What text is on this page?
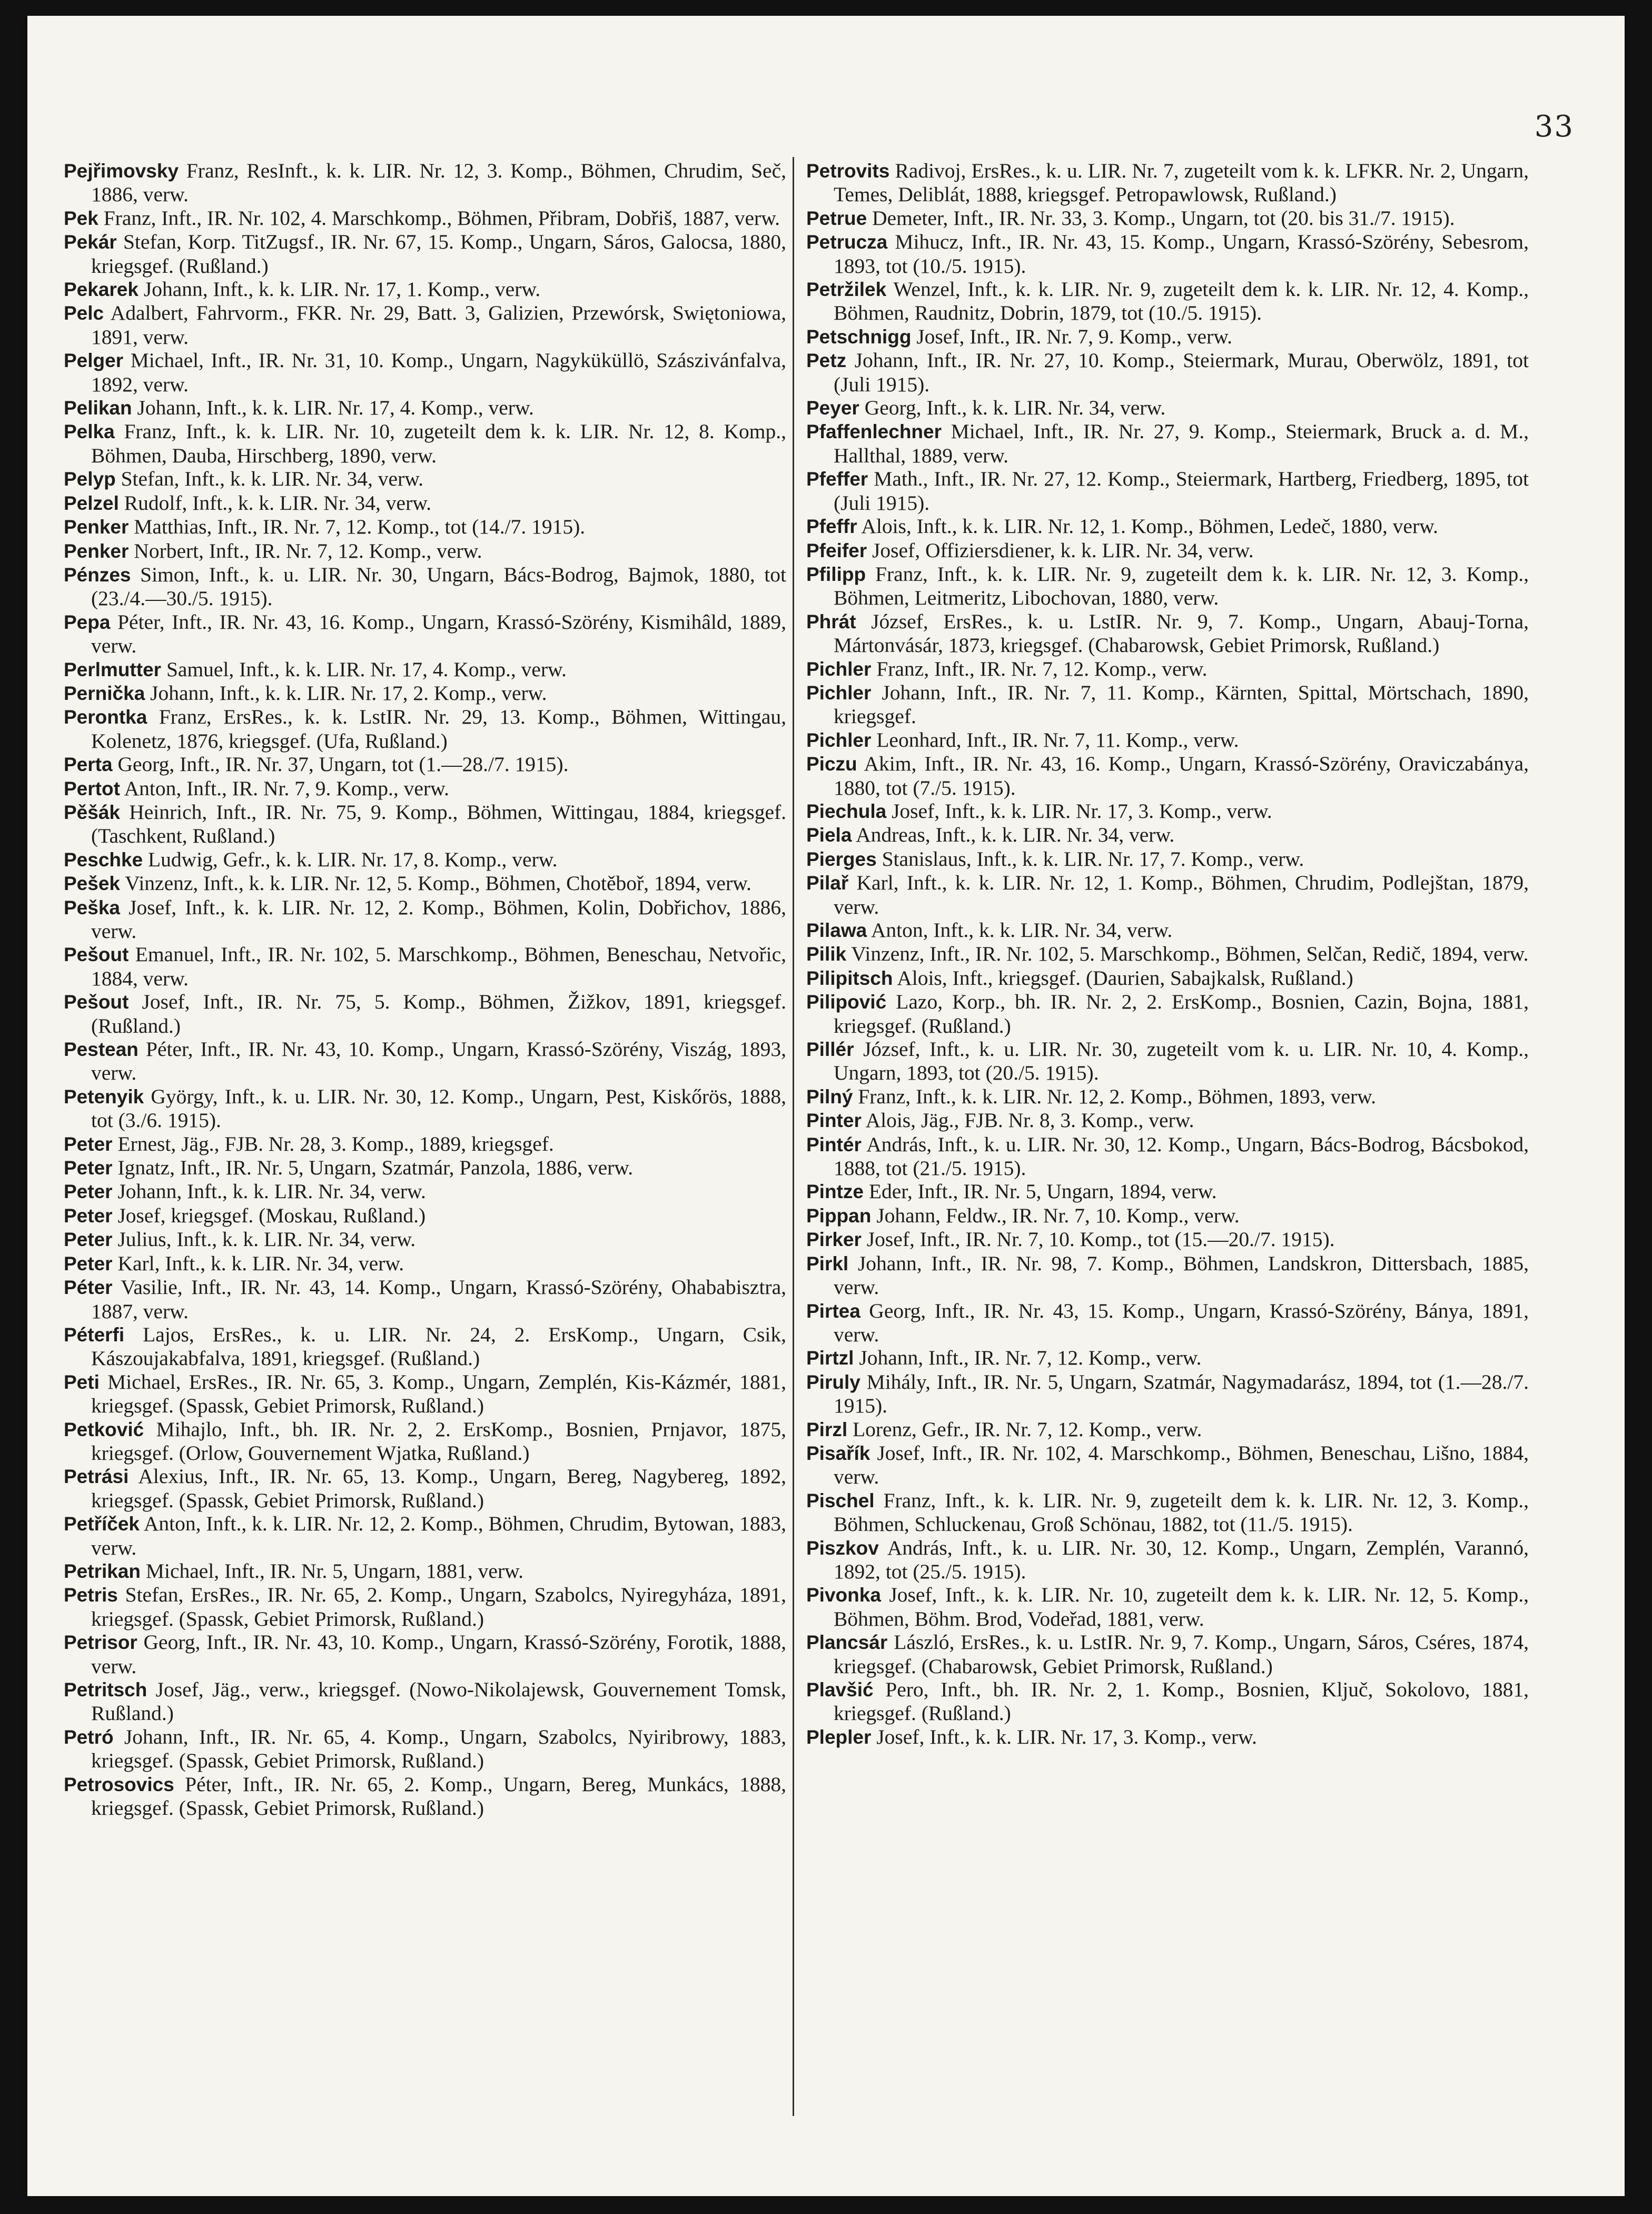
33
Pejřimovsky Franz, ResInft., k. k. LIR. Nr. 12, 3. Komp., Böhmen, Chrudim, Seč, 1886, verw.
Pek Franz, Inft., IR. Nr. 102, 4. Marschkomp., Böhmen, Přibram, Dobřiš, 1887, verw.
Pekár Stefan, Korp. TitZugsf., IR. Nr. 67, 15. Komp., Ungarn, Sáros, Galocsa, 1880, kriegsgef. (Rußland.)
Pekarek Johann, Inft., k. k. LIR. Nr. 17, 1. Komp., verw.
Pelc Adalbert, Fahrvorm., FKR. Nr. 29, Batt. 3, Galizien, Przewórsk, Swiętoniowa, 1891, verw.
Pelger Michael, Inft., IR. Nr. 31, 10. Komp., Ungarn, Nagyküküllö, Szászivánfalva, 1892, verw.
Pelikan Johann, Inft., k. k. LIR. Nr. 17, 4. Komp., verw.
Pelka Franz, Inft., k. k. LIR. Nr. 10, zugeteilt dem k. k. LIR. Nr. 12, 8. Komp., Böhmen, Dauba, Hirschberg, 1890, verw.
Pelyp Stefan, Inft., k. k. LIR. Nr. 34, verw.
Pelzel Rudolf, Inft., k. k. LIR. Nr. 34, verw.
Penker Matthias, Inft., IR. Nr. 7, 12. Komp., tot (14./7. 1915).
Penker Norbert, Inft., IR. Nr. 7, 12. Komp., verw.
Pénzes Simon, Inft., k. u. LIR. Nr. 30, Ungarn, Bács-Bodrog, Bajmok, 1880, tot (23./4.—30./5. 1915).
Pepa Péter, Inft., IR. Nr. 43, 16. Komp., Ungarn, Krassó-Szörény, Kismihâld, 1889, verw.
Perlmutter Samuel, Inft., k. k. LIR. Nr. 17, 4. Komp., verw.
Pernička Johann, Inft., k. k. LIR. Nr. 17, 2. Komp., verw.
Perontka Franz, ErsRes., k. k. LstIR. Nr. 29, 13. Komp., Böhmen, Wittingau, Kolenetz, 1876, kriegsgef. (Ufa, Rußland.)
Perta Georg, Inft., IR. Nr. 37, Ungarn, tot (1.—28./7. 1915).
Pertot Anton, Inft., IR. Nr. 7, 9. Komp., verw.
Pěšák Heinrich, Inft., IR. Nr. 75, 9. Komp., Böhmen, Wittingau, 1884, kriegsgef. (Taschkent, Rußland.)
Peschke Ludwig, Gefr., k. k. LIR. Nr. 17, 8. Komp., verw.
Pešek Vinzenz, Inft., k. k. LIR. Nr. 12, 5. Komp., Böhmen, Chotěboř, 1894, verw.
Peška Josef, Inft., k. k. LIR. Nr. 12, 2. Komp., Böhmen, Kolin, Dobřichov, 1886, verw.
Pešout Emanuel, Inft., IR. Nr. 102, 5. Marschkomp., Böhmen, Beneschau, Netvořic, 1884, verw.
Pešout Josef, Inft., IR. Nr. 75, 5. Komp., Böhmen, Žižkov, 1891, kriegsgef. (Rußland.)
Pestean Péter, Inft., IR. Nr. 43, 10. Komp., Ungarn, Krassó-Szörény, Viszág, 1893, verw.
Petenyik György, Inft., k. u. LIR. Nr. 30, 12. Komp., Ungarn, Pest, Kiskőrös, 1888, tot (3./6. 1915).
Peter Ernest, Jäg., FJB. Nr. 28, 3. Komp., 1889, kriegsgef.
Peter Ignatz, Inft., IR. Nr. 5, Ungarn, Szatmár, Panzola, 1886, verw.
Peter Johann, Inft., k. k. LIR. Nr. 34, verw.
Peter Josef, kriegsgef. (Moskau, Rußland.)
Peter Julius, Inft., k. k. LIR. Nr. 34, verw.
Peter Karl, Inft., k. k. LIR. Nr. 34, verw.
Péter Vasilie, Inft., IR. Nr. 43, 14. Komp., Ungarn, Krassó-Szörény, Ohababisztra, 1887, verw.
Péterfi Lajos, ErsRes., k. u. LIR. Nr. 24, 2. ErsKomp., Ungarn, Csik, Kászoujakabfalva, 1891, kriegsgef. (Rußland.)
Peti Michael, ErsRes., IR. Nr. 65, 3. Komp., Ungarn, Zemplén, Kis-Kázmér, 1881, kriegsgef. (Spassk, Gebiet Primorsk, Rußland.)
Petković Mihajlo, Inft., bh. IR. Nr. 2, 2. ErsKomp., Bosnien, Prnjavor, 1875, kriegsgef. (Orlow, Gouvernement Wjatka, Rußland.)
Petrási Alexius, Inft., IR. Nr. 65, 13. Komp., Ungarn, Bereg, Nagybereg, 1892, kriegsgef. (Spassk, Gebiet Primorsk, Rußland.)
Petříček Anton, Inft., k. k. LIR. Nr. 12, 2. Komp., Böhmen, Chrudim, Bytowan, 1883, verw.
Petrikan Michael, Inft., IR. Nr. 5, Ungarn, 1881, verw.
Petris Stefan, ErsRes., IR. Nr. 65, 2. Komp., Ungarn, Szabolcs, Nyiregyháza, 1891, kriegsgef. (Spassk, Gebiet Primorsk, Rußland.)
Petrisor Georg, Inft., IR. Nr. 43, 10. Komp., Ungarn, Krassó-Szörény, Forotik, 1888, verw.
Petritsch Josef, Jäg., verw., kriegsgef. (Nowo-Nikolajewsk, Gouvernement Tomsk, Rußland.)
Petró Johann, Inft., IR. Nr. 65, 4. Komp., Ungarn, Szabolcs, Nyiribrowy, 1883, kriegsgef. (Spassk, Gebiet Primorsk, Rußland.)
Petrosovics Péter, Inft., IR. Nr. 65, 2. Komp., Ungarn, Bereg, Munkács, 1888, kriegsgef. (Spassk, Gebiet Primorsk, Rußland.)
Petrovits Radivoj, ErsRes., k. u. LIR. Nr. 7, zugeteilt vom k. k. LFKR. Nr. 2, Ungarn, Temes, Deliblát, 1888, kriegsgef. Petropawlowsk, Rußland.)
Petrue Demeter, Inft., IR. Nr. 33, 3. Komp., Ungarn, tot (20. bis 31./7. 1915).
Petrucza Mihucz, Inft., IR. Nr. 43, 15. Komp., Ungarn, Krassó-Szörény, Sebesrom, 1893, tot (10./5. 1915).
Petržilek Wenzel, Inft., k. k. LIR. Nr. 9, zugeteilt dem k. k. LIR. Nr. 12, 4. Komp., Böhmen, Raudnitz, Dobrin, 1879, tot (10./5. 1915).
Petschnigg Josef, Inft., IR. Nr. 7, 9. Komp., verw.
Petz Johann, Inft., IR. Nr. 27, 10. Komp., Steiermark, Murau, Oberwölz, 1891, tot (Juli 1915).
Peyer Georg, Inft., k. k. LIR. Nr. 34, verw.
Pfaffenlechner Michael, Inft., IR. Nr. 27, 9. Komp., Steiermark, Bruck a. d. M., Hallthal, 1889, verw.
Pfeffer Math., Inft., IR. Nr. 27, 12. Komp., Steiermark, Hartberg, Friedberg, 1895, tot (Juli 1915).
Pfeffr Alois, Inft., k. k. LIR. Nr. 12, 1. Komp., Böhmen, Ledeč, 1880, verw.
Pfeifer Josef, Offiziersdiener, k. k. LIR. Nr. 34, verw.
Pfilipp Franz, Inft., k. k. LIR. Nr. 9, zugeteilt dem k. k. LIR. Nr. 12, 3. Komp., Böhmen, Leitmeritz, Libochovan, 1880, verw.
Phrát József, ErsRes., k. u. LstIR. Nr. 9, 7. Komp., Ungarn, Abauj-Torna, Mártonvásár, 1873, kriegsgef. (Chabarowsk, Gebiet Primorsk, Rußland.)
Pichler Franz, Inft., IR. Nr. 7, 12. Komp., verw.
Pichler Johann, Inft., IR. Nr. 7, 11. Komp., Kärnten, Spittal, Mörtschach, 1890, kriegsgef.
Pichler Leonhard, Inft., IR. Nr. 7, 11. Komp., verw.
Piczu Akim, Inft., IR. Nr. 43, 16. Komp., Ungarn, Krassó-Szörény, Oraviczabánya, 1880, tot (7./5. 1915).
Piechula Josef, Inft., k. k. LIR. Nr. 17, 3. Komp., verw.
Piela Andreas, Inft., k. k. LIR. Nr. 34, verw.
Pierges Stanislaus, Inft., k. k. LIR. Nr. 17, 7. Komp., verw.
Pilař Karl, Inft., k. k. LIR. Nr. 12, 1. Komp., Böhmen, Chrudim, Podlejštan, 1879, verw.
Pilawa Anton, Inft., k. k. LIR. Nr. 34, verw.
Pilik Vinzenz, Inft., IR. Nr. 102, 5. Marschkomp., Böhmen, Selčan, Redič, 1894, verw.
Pilipitsch Alois, Inft., kriegsgef. (Daurien, Sabajkalsk, Rußland.)
Pilipović Lazo, Korp., bh. IR. Nr. 2, 2. ErsKomp., Bosnien, Cazin, Bojna, 1881, kriegsgef. (Rußland.)
Pillér József, Inft., k. u. LIR. Nr. 30, zugeteilt vom k. u. LIR. Nr. 10, 4. Komp., Ungarn, 1893, tot (20./5. 1915).
Pilný Franz, Inft., k. k. LIR. Nr. 12, 2. Komp., Böhmen, 1893, verw.
Pinter Alois, Jäg., FJB. Nr. 8, 3. Komp., verw.
Pintér András, Inft., k. u. LIR. Nr. 30, 12. Komp., Ungarn, Bács-Bodrog, Bácsbokod, 1888, tot (21./5. 1915).
Pintze Eder, Inft., IR. Nr. 5, Ungarn, 1894, verw.
Pippan Johann, Feldw., IR. Nr. 7, 10. Komp., verw.
Pirker Josef, Inft., IR. Nr. 7, 10. Komp., tot (15.—20./7. 1915).
Pirkl Johann, Inft., IR. Nr. 98, 7. Komp., Böhmen, Landskron, Dittersbach, 1885, verw.
Pirtea Georg, Inft., IR. Nr. 43, 15. Komp., Ungarn, Krassó-Szörény, Bánya, 1891, verw.
Pirtzl Johann, Inft., IR. Nr. 7, 12. Komp., verw.
Piruly Mihály, Inft., IR. Nr. 5, Ungarn, Szatmár, Nagymadarász, 1894, tot (1.—28./7. 1915).
Pirzl Lorenz, Gefr., IR. Nr. 7, 12. Komp., verw.
Pisařík Josef, Inft., IR. Nr. 102, 4. Marschkomp., Böhmen, Beneschau, Lišno, 1884, verw.
Pischel Franz, Inft., k. k. LIR. Nr. 9, zugeteilt dem k. k. LIR. Nr. 12, 3. Komp., Böhmen, Schluckenau, Groß Schönau, 1882, tot (11./5. 1915).
Piszkov András, Inft., k. u. LIR. Nr. 30, 12. Komp., Ungarn, Zemplén, Varannó, 1892, tot (25./5. 1915).
Pivonka Josef, Inft., k. k. LIR. Nr. 10, zugeteilt dem k. k. LIR. Nr. 12, 5. Komp., Böhmen, Böhm. Brod, Vodeřad, 1881, verw.
Plancsár László, ErsRes., k. u. LstIR. Nr. 9, 7. Komp., Ungarn, Sáros, Cséres, 1874, kriegsgef. (Chabarowsk, Gebiet Primorsk, Rußland.)
Plavšić Pero, Inft., bh. IR. Nr. 2, 1. Komp., Bosnien, Ključ, Sokolovo, 1881, kriegsgef. (Rußland.)
Plepler Josef, Inft., k. k. LIR. Nr. 17, 3. Komp., verw.
